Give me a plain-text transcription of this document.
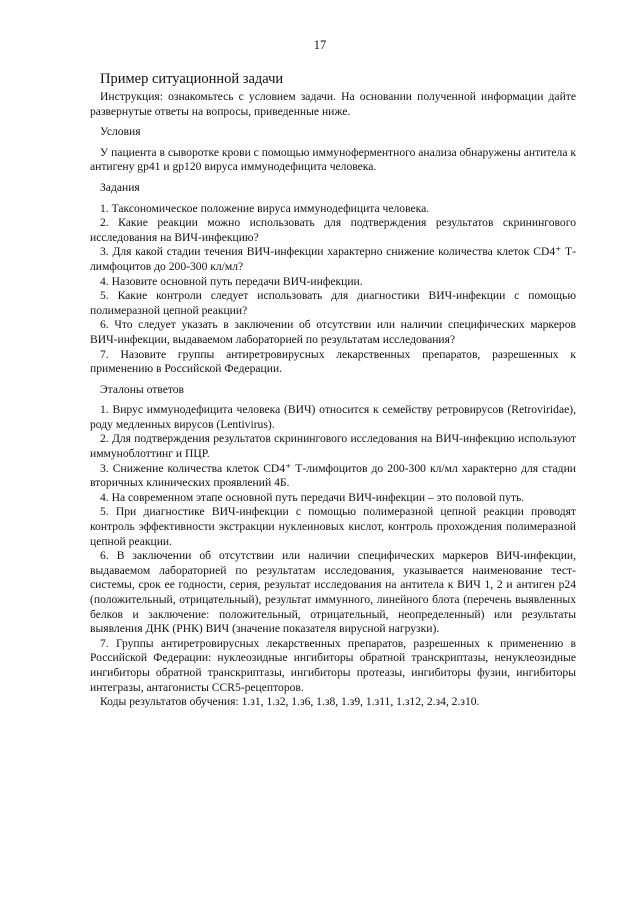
17
Пример ситуационной задачи

Инструкция: ознакомьтесь с условием задачи. На основании полученной информации дайте развернутые ответы на вопросы, приведенные ниже.

Условия

У пациента в сыворотке крови с помощью иммуноферментного анализа обнаружены антитела к антигену gp41 и gp120 вируса иммунодефицита человека.

Задания

1. Таксономическое положение вируса иммунодефицита человека.

2. Какие реакции можно использовать для подтверждения результатов скринингового исследования на ВИЧ-инфекцию?

3. Для какой стадии течения ВИЧ-инфекции характерно снижение количества клеток CD4⁺ Т-лимфоцитов до 200-300 кл/мл?

4. Назовите основной путь передачи ВИЧ-инфекции.

5. Какие контроли следует использовать для диагностики ВИЧ-инфекции с помощью полимеразной цепной реакции?

6. Что следует указать в заключении об отсутствии или наличии специфических маркеров ВИЧ-инфекции, выдаваемом лабораторией по результатам исследования?

7. Назовите группы антиретровирусных лекарственных препаратов, разрешенных к применению в Российской Федерации.

Эталоны ответов

1. Вирус иммунодефицита человека (ВИЧ) относится к семейству ретровирусов (Retroviridae), роду медленных вирусов (Lentivirus).

2. Для подтверждения результатов скринингового исследования на ВИЧ-инфекцию используют иммуноблоттинг и ПЦР.

3. Снижение количества клеток CD4⁺ Т-лимфоцитов до 200-300 кл/мл характерно для стадии вторичных клинических проявлений 4Б.

4. На современном этапе основной путь передачи ВИЧ-инфекции – это половой путь.

5. При диагностике ВИЧ-инфекции с помощью полимеразной цепной реакции проводят контроль эффективности экстракции нуклеиновых кислот, контроль прохождения полимеразной цепной реакции.

6. В заключении об отсутствии или наличии специфических маркеров ВИЧ-инфекции, выдаваемом лабораторией по результатам исследования, указывается наименование тест-системы, срок ее годности, серия, результат исследования на антитела к ВИЧ 1, 2 и антиген p24 (положительный, отрицательный), результат иммунного, линейного блота (перечень выявленных белков и заключение: положительный, отрицательный, неопределенный) или результаты выявления ДНК (РНК) ВИЧ (значение показателя вирусной нагрузки).

7. Группы антиретровирусных лекарственных препаратов, разрешенных к применению в Российской Федерации: нуклеозидные ингибиторы обратной транскриптазы, ненуклеозидные ингибиторы обратной транскриптазы, ингибиторы протеазы, ингибиторы фузии, ингибиторы интегразы, антагонисты CCR5-рецепторов.

Коды результатов обучения: 1.з1, 1.з2, 1.з6, 1.з8, 1.з9, 1.з11, 1.з12, 2.з4, 2.з10.
